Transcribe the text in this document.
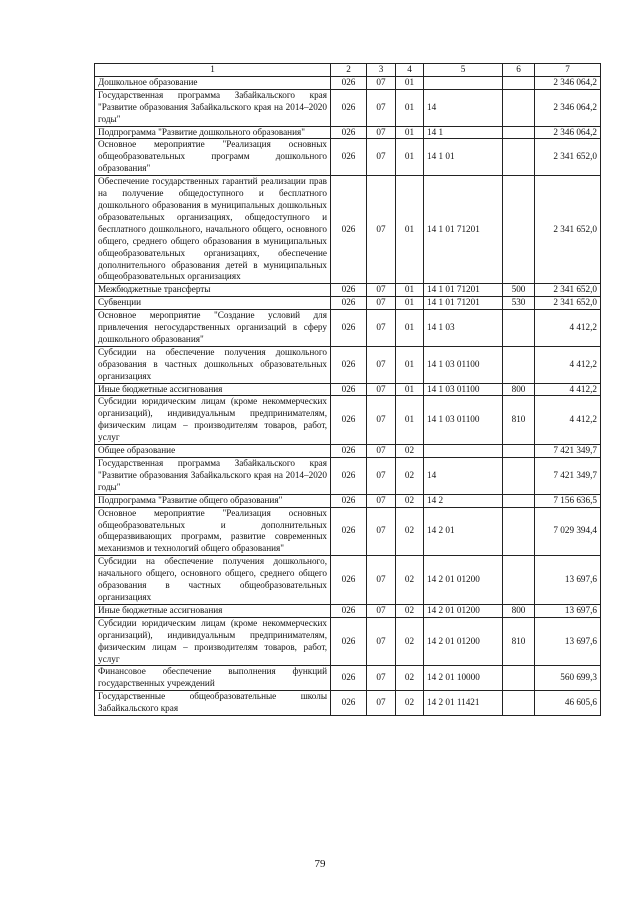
1	2	3	4	5	6	7
Дошкольное образование	026	07	01			2 346 064,2
Государственная программа Забайкальского края "Развитие образования Забайкальского края на 2014–2020 годы"	026	07	01	14		2 346 064,2
Подпрограмма "Развитие дошкольного образования"	026	07	01	14 1		2 346 064,2
Основное мероприятие "Реализация основных общеобразовательных программ дошкольного образования"	026	07	01	14 1 01		2 341 652,0
Обеспечение государственных гарантий реализации прав на получение общедоступного и бесплатного дошкольного образования в муниципальных дошкольных образовательных организациях, общедоступного и бесплатного дошкольного, начального общего, основного общего, среднего общего образования в муниципальных общеобразовательных организациях, обеспечение дополнительного образования детей в муниципальных общеобразовательных организациях	026	07	01	14 1 01 71201		2 341 652,0
Межбюджетные трансферты	026	07	01	14 1 01 71201	500	2 341 652,0
Субвенции	026	07	01	14 1 01 71201	530	2 341 652,0
Основное мероприятие "Создание условий для привлечения негосударственных организаций в сферу дошкольного образования"	026	07	01	14 1 03		4 412,2
Субсидии на обеспечение получения дошкольного образования в частных дошкольных образовательных организациях	026	07	01	14 1 03 01100		4 412,2
Иные бюджетные ассигнования	026	07	01	14 1 03 01100	800	4 412,2
Субсидии юридическим лицам (кроме некоммерческих организаций), индивидуальным предпринимателям, физическим лицам – производителям товаров, работ, услуг	026	07	01	14 1 03 01100	810	4 412,2
Общее образование	026	07	02			7 421 349,7
Государственная программа Забайкальского края "Развитие образования Забайкальского края на 2014–2020 годы"	026	07	02	14		7 421 349,7
Подпрограмма "Развитие общего образования"	026	07	02	14 2		7 156 636,5
Основное мероприятие "Реализация основных общеобразовательных и дополнительных общеразвивающих программ, развитие современных механизмов и технологий общего образования"	026	07	02	14 2 01		7 029 394,4
Субсидии на обеспечение получения дошкольного, начального общего, основного общего, среднего общего образования в частных общеобразовательных организациях	026	07	02	14 2 01 01200		13 697,6
Иные бюджетные ассигнования	026	07	02	14 2 01 01200	800	13 697,6
Субсидии юридическим лицам (кроме некоммерческих организаций), индивидуальным предпринимателям, физическим лицам – производителям товаров, работ, услуг	026	07	02	14 2 01 01200	810	13 697,6
Финансовое обеспечение выполнения функций государственных учреждений	026	07	02	14 2 01 10000		560 699,3
Государственные общеобразовательные школы Забайкальского края	026	07	02	14 2 01 11421		46 605,6
79
